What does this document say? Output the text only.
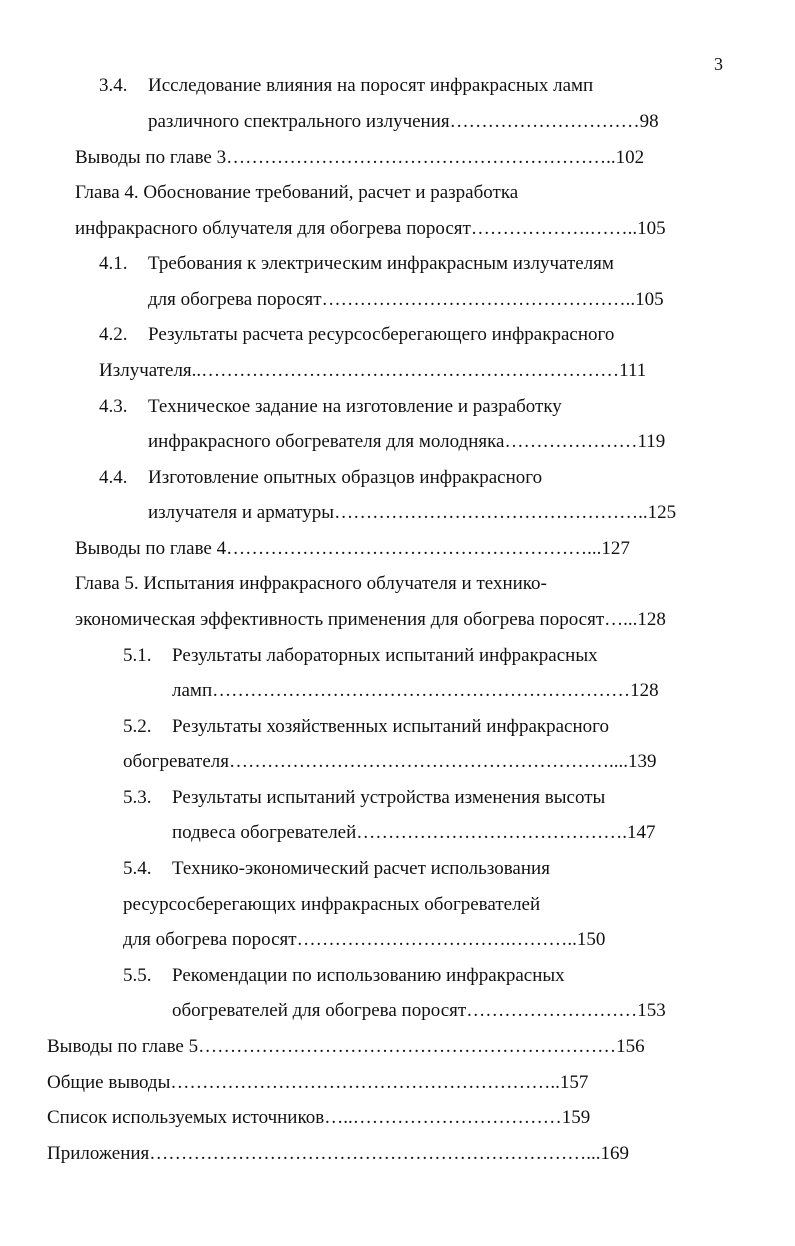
3
3.4. Исследование влияния на поросят инфракрасных ламп
различного спектрального излучения…………………………98
Выводы по главе 3……………………………………………………..102
Глава 4. Обоснование требований, расчет и разработка
инфракрасного облучателя для обогрева поросят……………….……..105
4.1. Требования к электрическим инфракрасным излучателям
для обогрева поросят…………………………………………..105
4.2. Результаты расчета ресурсосберегающего инфракрасного
Излучателя..…………………………………………………………111
4.3. Техническое задание на изготовление и разработку
инфракрасного обогревателя для молодняка…………………119
4.4. Изготовление опытных образцов инфракрасного
излучателя и арматуры…………………………………………..125
Выводы по главе 4…………………………………………………...127
Глава 5. Испытания инфракрасного облучателя и технико-
экономическая эффективность применения для обогрева поросят…...128
5.1. Результаты лабораторных испытаний инфракрасных
ламп…………………………………………………………128
5.2. Результаты хозяйственных испытаний инфракрасного
обогревателя……………………………………………………....139
5.3. Результаты испытаний устройства изменения высоты
подвеса обогревателей…………………………………….147
5.4. Технико-экономический расчет использования
ресурсосберегающих инфракрасных обогревателей
для обогрева поросят…………………………….………..150
5.5. Рекомендации по использованию инфракрасных
обогревателей для обогрева поросят………………………153
Выводы по главе 5…………………………………………………………156
Общие выводы……………………………………………………..157
Список используемых источников…..……………………………159
Приложения……………………………………………………………...169
